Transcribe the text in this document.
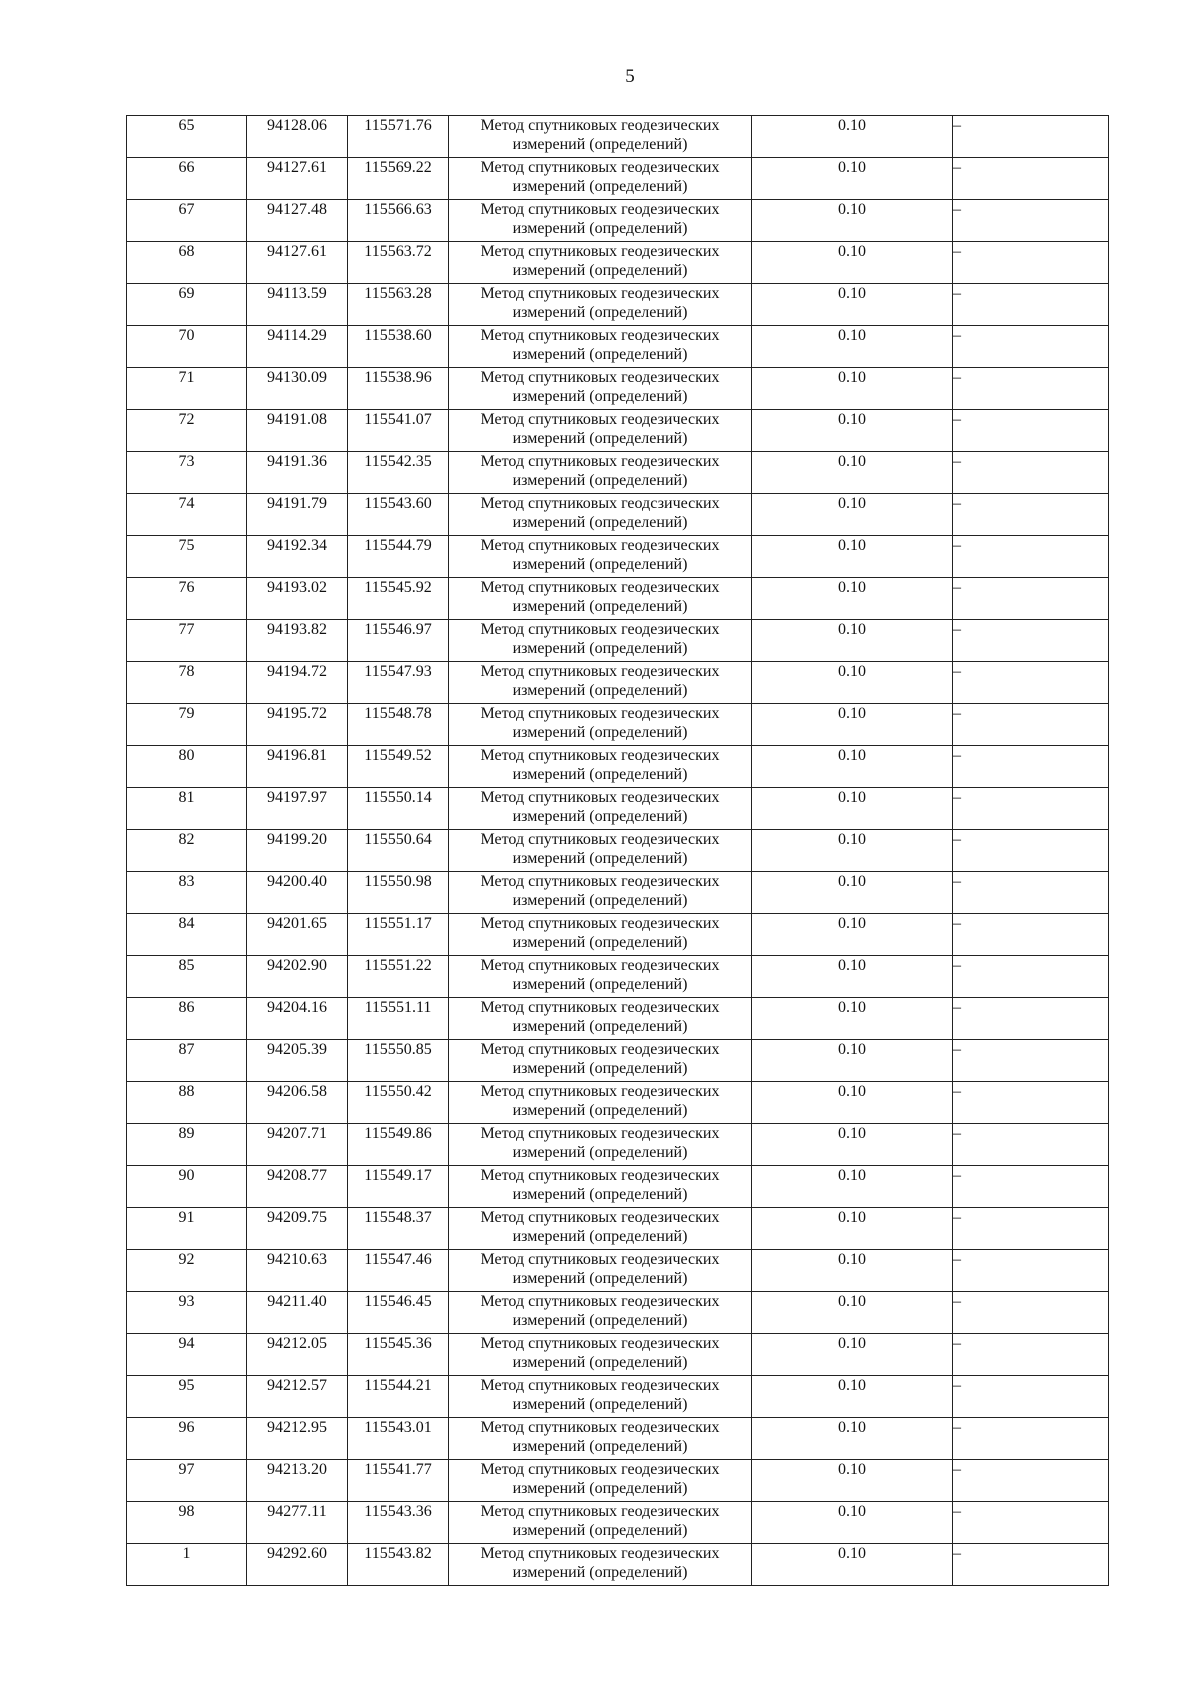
5
65	94128.06	115571.76	Метод спутниковых геодезических
измерений (определений)	0.10	–
66	94127.61	115569.22	Метод спутниковых геодезических
измерений (определений)	0.10	–
67	94127.48	115566.63	Метод спутниковых геодезических
измерений (определений)	0.10	–
68	94127.61	115563.72	Метод спутниковых геодезических
измерений (определений)	0.10	–
69	94113.59	115563.28	Метод спутниковых геодезических
измерений (определений)	0.10	–
70	94114.29	115538.60	Метод спутниковых геодезических
измерений (определений)	0.10	–
71	94130.09	115538.96	Метод спутниковых геодезических
измерений (определений)	0.10	–
72	94191.08	115541.07	Метод спутниковых геодезических
измерений (определений)	0.10	–
73	94191.36	115542.35	Метод спутниковых геодезических
измерений (определений)	0.10	–
74	94191.79	115543.60	Метод спутниковых геодсзических
измерений (определений)	0.10	–
75	94192.34	115544.79	Метод спутниковых геодезических
измерений (определений)	0.10	–
76	94193.02	115545.92	Метод спутниковых геодезических
измерений (определений)	0.10	–
77	94193.82	115546.97	Метод спутниковых геодезических
измерений (определений)	0.10	–
78	94194.72	115547.93	Метод спутниковых геодезических
измерений (определений)	0.10	–
79	94195.72	115548.78	Метод спутниковых геодезических
измерений (определений)	0.10	–
80	94196.81	115549.52	Метод спутниковых геодезических
измерений (определений)	0.10	–
81	94197.97	115550.14	Метод спутниковых геодезических
измерений (определений)	0.10	–
82	94199.20	115550.64	Метод спутниковых геодезических
измерений (определений)	0.10	–
83	94200.40	115550.98	Метод спутниковых геодезических
измерений (определений)	0.10	–
84	94201.65	115551.17	Метод спутниковых геодезических
измерений (определений)	0.10	–
85	94202.90	115551.22	Метод спутниковых геодезических
измерений (определений)	0.10	–
86	94204.16	115551.11	Метод спутниковых геодезических
измерений (определений)	0.10	–
87	94205.39	115550.85	Метод спутниковых геодезических
измерений (определений)	0.10	–
88	94206.58	115550.42	Метод спутниковых геодезических
измерений (определений)	0.10	–
89	94207.71	115549.86	Метод спутниковых геодезических
измерений (определений)	0.10	–
90	94208.77	115549.17	Метод спутниковых геодезических
измерений (определений)	0.10	–
91	94209.75	115548.37	Метод спутниковых геодезических
измерений (определений)	0.10	–
92	94210.63	115547.46	Метод спутниковых геодезических
измерений (определений)	0.10	–
93	94211.40	115546.45	Метод спутниковых геодезических
измерений (определений)	0.10	–
94	94212.05	115545.36	Метод спутниковых геодезических
измерений (определений)	0.10	–
95	94212.57	115544.21	Метод спутниковых геодезических
измерений (определений)	0.10	–
96	94212.95	115543.01	Метод спутниковых геодезических
измерений (определений)	0.10	–
97	94213.20	115541.77	Метод спутниковых геодезических
измерений (определений)	0.10	–
98	94277.11	115543.36	Метод спутниковых геодезических
измерений (определений)	0.10	–
1	94292.60	115543.82	Метод спутниковых геодезических
измерений (определений)	0.10	–
